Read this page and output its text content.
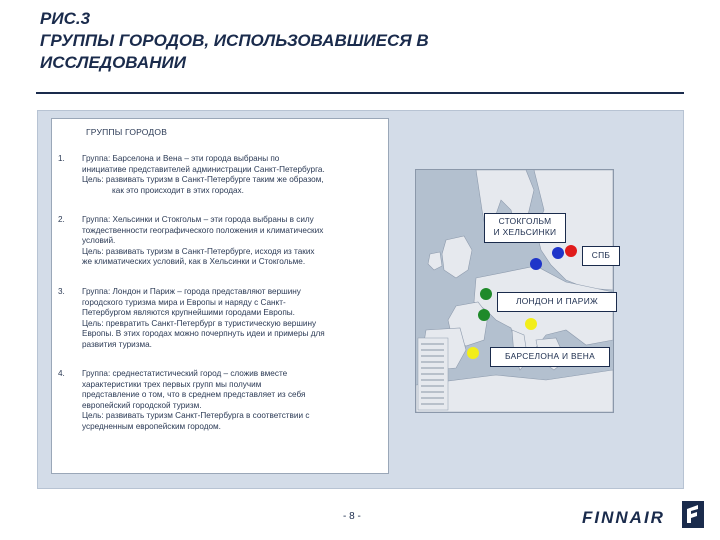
РИС.3
ГРУППЫ ГОРОДОВ, ИСПОЛЬЗОВАВШИЕСЯ В
ИССЛЕДОВАНИИ
ГРУППЫ ГОРОДОВ
1. Группа: Барселона и Вена – эти города выбраны по
инициативе представителей администрации Санкт-Петербурга.
Цель: развивать туризм в Санкт-Петербурге таким же образом,
как это происходит в этих городах.
2. Группа: Хельсинки и Стокгольм – эти города выбраны в силу
тождественности географического положения и климатических
условий.
Цель: развивать туризм в Санкт-Петербурге, исходя из таких
же климатических условий, как в Хельсинки и Стокгольме.
3. Группа: Лондон и Париж – города представляют вершину
городского туризма мира и Европы и наряду с Санкт-
Петербургом являются крупнейшими городами Европы.
Цель: превратить Санкт-Петербург в туристическую вершину
Европы. В этих городах можно почерпнуть идеи и примеры для
развития туризма.
4. Группа: среднестатистический город – сложив вместе
характеристики трех первых групп мы получим
представление о том, что в среднем представляет из себя
европейский городской туризм.
Цель: развивать туризм Санкт-Петербурга в соответствии с
усредненным европейским городом.
СТОКГОЛЬМ
И ХЕЛЬСИНКИ
СПБ
ЛОНДОН И ПАРИЖ
БАРСЕЛОНА И ВЕНА
- 8 -	FINNAIR
